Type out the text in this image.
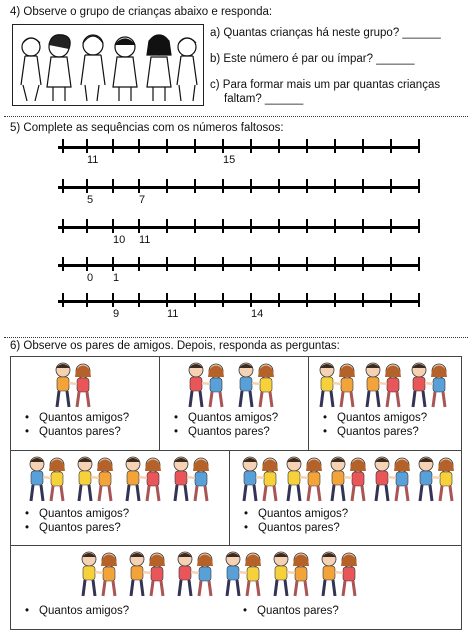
4) Observe o grupo de crianças abaixo e responda:
a) Quantas crianças há neste grupo? ______
b) Este número é par ou ímpar? ______
c) Para formar mais um par quantas crianças
faltam? ______
5) Complete as sequências com os números faltosos:
11	15
5	7
10 11
0 1
9	11	14
6) Observe os pares de amigos. Depois, responda as perguntas:
• Quantos amigos?
• Quantos pares?
• Quantos amigos?
• Quantos pares?
• Quantos amigos?
• Quantos pares?
• Quantos amigos?
• Quantos pares?
• Quantos amigos?
• Quantos pares?
• Quantos amigos?
•	Quantos pares?
